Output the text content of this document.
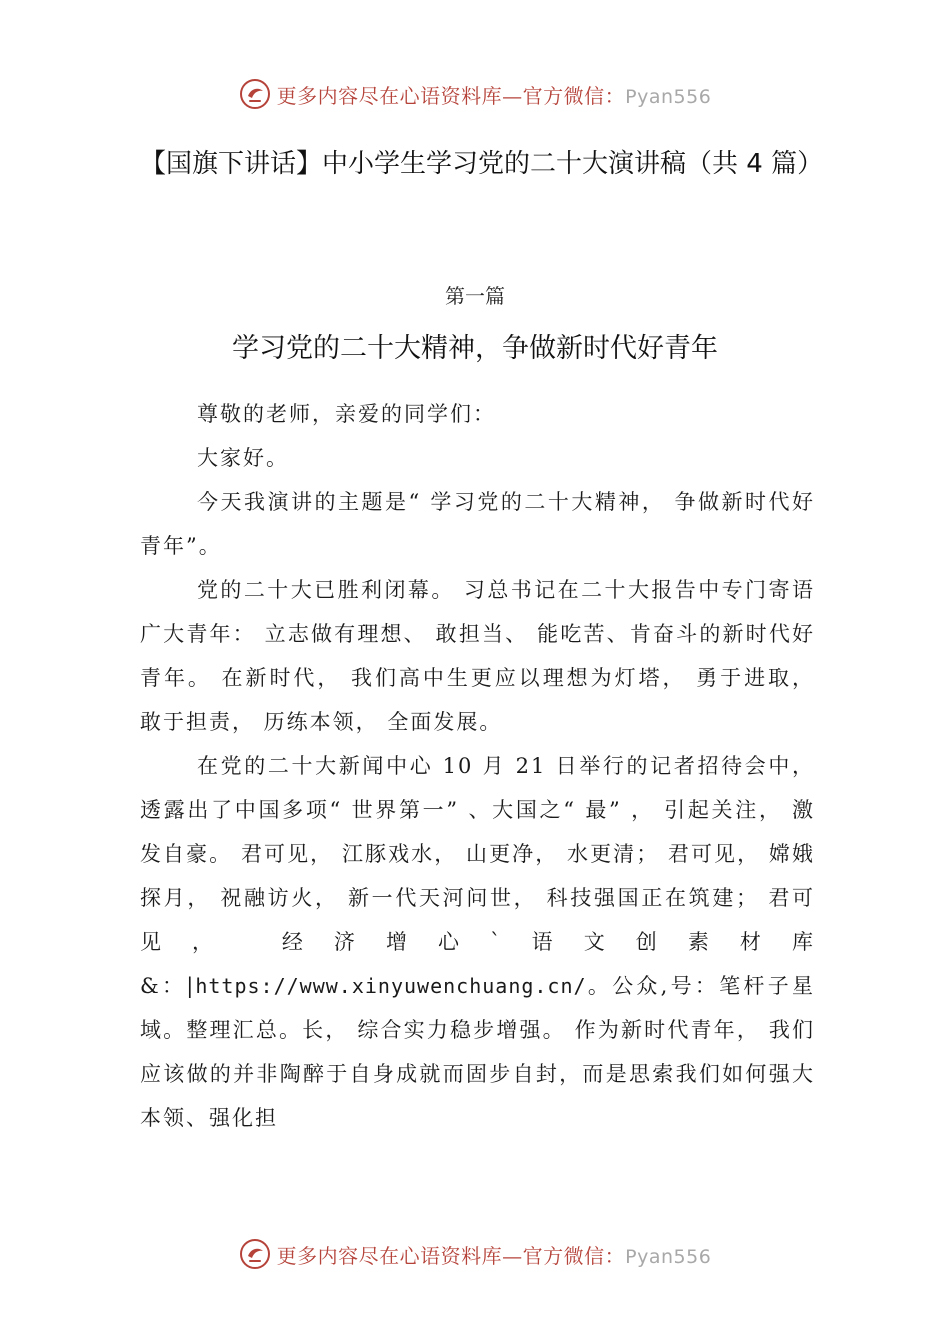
更多内容尽在心语资料库—官方微信：Pyan556
【国旗下讲话】中小学生学习党的二十大演讲稿（共 4 篇）
第一篇
学习党的二十大精神，争做新时代好青年

尊敬的老师，亲爱的同学们：

大家好。

今天我演讲的主题是“ 学习党的二十大精神， 争做新时代好青年”。

党的二十大已胜利闭幕。 习总书记在二十大报告中专门寄语广大青年： 立志做有理想、 敢担当、 能吃苦、肯奋斗的新时代好青年。 在新时代， 我们高中生更应以理想为灯塔， 勇于进取， 敢于担责， 历练本领， 全面发展。

在党的二十大新闻中心 10 月 21 日举行的记者招待会中， 透露出了中国多项“ 世界第一” 、大国之“ 最” ， 引起关注， 激发自豪。 君可见， 江豚戏水， 山更净， 水更清； 君可见， 嫦娥探月， 祝融访火， 新一代天河问世， 科技强国正在筑建； 君可见， 经济增心`语文创素材库&：|https://www.xinyuwenchuang.cn/。公众,号：笔杆子星域。整理汇总。长， 综合实力稳步增强。 作为新时代青年， 我们应该做的并非陶醉于自身成就而固步自封，而是思索我们如何强大本领、强化担

更多内容尽在心语资料库—官方微信：Pyan556
